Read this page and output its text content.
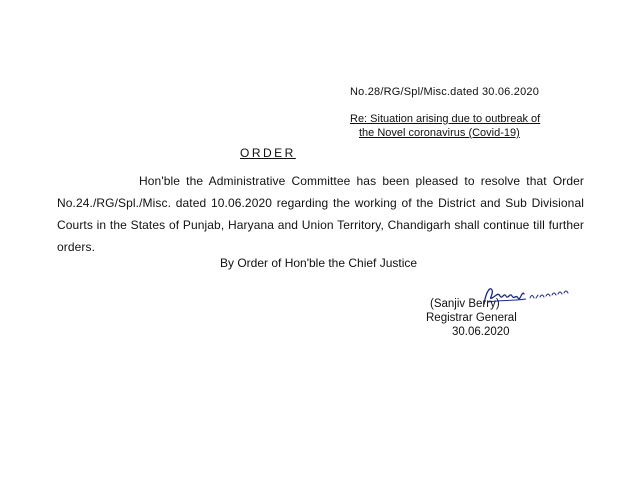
No.28/RG/Spl/Misc.dated 30.06.2020
Re: Situation arising due to outbreak of
the Novel coronavirus (Covid-19)
ORDER
Hon'ble the Administrative Committee has been pleased to resolve that Order No.24./RG/Spl./Misc. dated 10.06.2020 regarding the working of the District and Sub Divisional Courts in the States of Punjab, Haryana and Union Territory, Chandigarh shall continue till further orders.
By Order of Hon'ble the Chief Justice
(Sanjiv Berry)
Registrar General
30.06.2020
